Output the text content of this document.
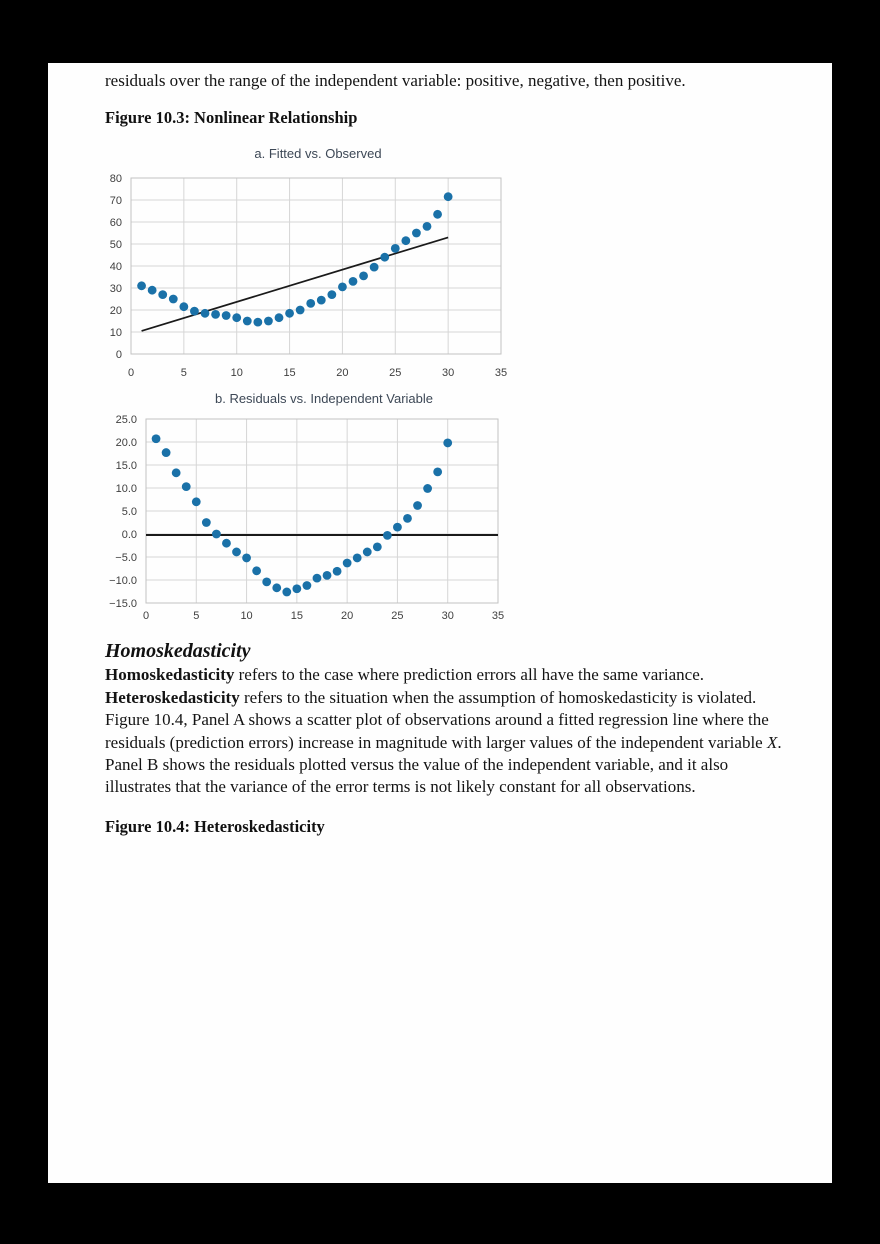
residuals over the range of the independent variable: positive, negative, then positive.

Figure 10.3: Nonlinear Relationship
a. Fitted vs. Observed
0	5	10	15	20	25	30	35
0
10
20
30
40
50
60
70
80
b. Residuals vs. Independent Variable
0	5	10	15	20	25	30	35
−15.0
−10.0
−5.0
0.0
5.0
10.0
15.0
20.0
25.0
Homoskedasticity

Homoskedasticity refers to the case where prediction errors all have the same variance. Heteroskedasticity refers to the situation when the assumption of homoskedasticity is violated. Figure 10.4, Panel A shows a scatter plot of observations around a fitted regression line where the residuals (prediction errors) increase in magnitude with larger values of the independent variable X. Panel B shows the residuals plotted versus the value of the independent variable, and it also illustrates that the variance of the error terms is not likely constant for all observations.

Figure 10.4: Heteroskedasticity
